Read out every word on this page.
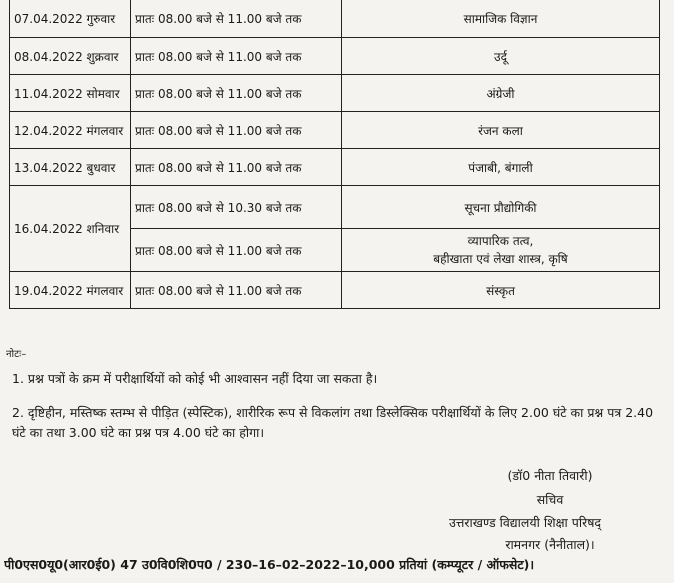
07.04.2022 गुरुवार	प्रातः 08.00 बजे से 11.00 बजे तक	सामाजिक विज्ञान
08.04.2022 शुक्रवार	प्रातः 08.00 बजे से 11.00 बजे तक	उर्दू
11.04.2022 सोमवार	प्रातः 08.00 बजे से 11.00 बजे तक	अंग्रेजी
12.04.2022 मंगलवार	प्रातः 08.00 बजे से 11.00 बजे तक	रंजन कला
13.04.2022 बुधवार	प्रातः 08.00 बजे से 11.00 बजे तक	पंजाबी, बंगाली
16.04.2022 शनिवार	प्रातः 08.00 बजे से 10.30 बजे तक	सूचना प्रौद्योगिकी
	प्रातः 08.00 बजे से 11.00 बजे तक	व्यापारिक तत्व,
बहीखाता एवं लेखा शास्त्र, कृषि

19.04.2022 मंगलवार	प्रातः 08.00 बजे से 11.00 बजे तक	संस्कृत
नोटः–
1. प्रश्न पत्रों के क्रम में परीक्षार्थियों को कोई भी आश्वासन नहीं दिया जा सकता है।
2. दृष्टिहीन, मस्तिष्क स्तम्भ से पीड़ित (स्पेस्टिक), शारीरिक रूप से विकलांग तथा डिस्लेक्सिक परीक्षार्थियों के लिए 2.00 घंटे का प्रश्न पत्र 2.40 घंटे का तथा 3.00 घंटे का प्रश्न पत्र 4.00 घंटे का होगा।
(डॉ0 नीता तिवारी)
सचिव
उत्तराखण्ड विद्यालयी शिक्षा परिषद्
रामनगर (नैनीताल)।
पी0एस0यू0(आर0ई0) 47 उ0वि0शि0प0 / 230–16–02–2022–10,000 प्रतियां (कम्प्यूटर / ऑफसेट)।
